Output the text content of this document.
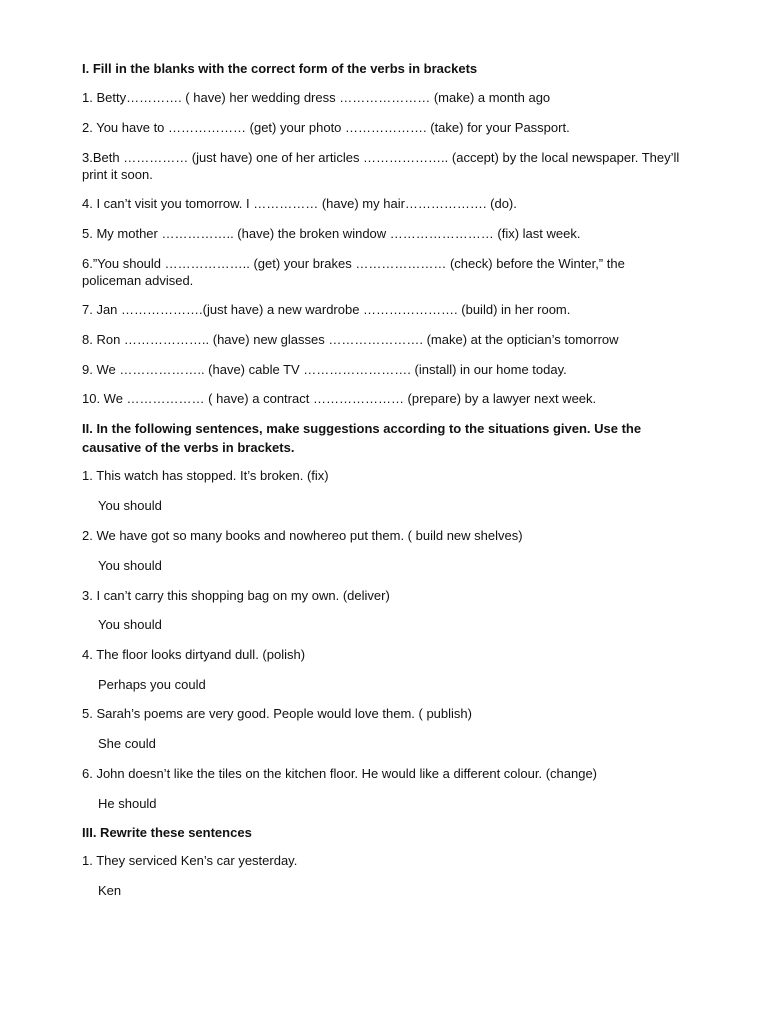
I. Fill in the blanks with the correct form of the verbs in brackets

1. Betty…………. ( have) her wedding dress ………………… (make) a month ago

2. You have to ……………… (get) your photo ………………. (take) for your Passport.

3.Beth …………… (just have) one of her articles ……………….. (accept) by the local newspaper. They’ll print it soon.

4. I can’t visit you tomorrow. I …………… (have) my hair………………. (do).

5. My mother …………….. (have) the broken window …………………… (fix) last week.

6.”You should ……………….. (get) your brakes ………………… (check) before the Winter,” the policeman advised.

7. Jan ……………….(just have) a new wardrobe …………………. (build) in her room.

8. Ron ……………….. (have) new glasses …………………. (make) at the optician’s tomorrow

9. We ……………….. (have) cable TV ……………………. (install) in our home today.

10. We ……………… ( have) a contract ………………… (prepare) by a lawyer next week.

II. In the following sentences, make suggestions according to the situations given. Use the causative of the verbs in brackets.

1. This watch has stopped. It’s broken. (fix)

You should

2. We have got so many books and nowhereo put them. ( build new shelves)

You should

3. I can’t carry this shopping bag on my own. (deliver)

You should

4. The floor looks dirtyand dull. (polish)

Perhaps you could

5. Sarah’s poems are very good. People would love them. ( publish)

She could

6. John doesn’t like the tiles on the kitchen floor. He would like a different colour. (change)

He should

III. Rewrite these sentences

1. They serviced Ken’s car yesterday.

Ken
